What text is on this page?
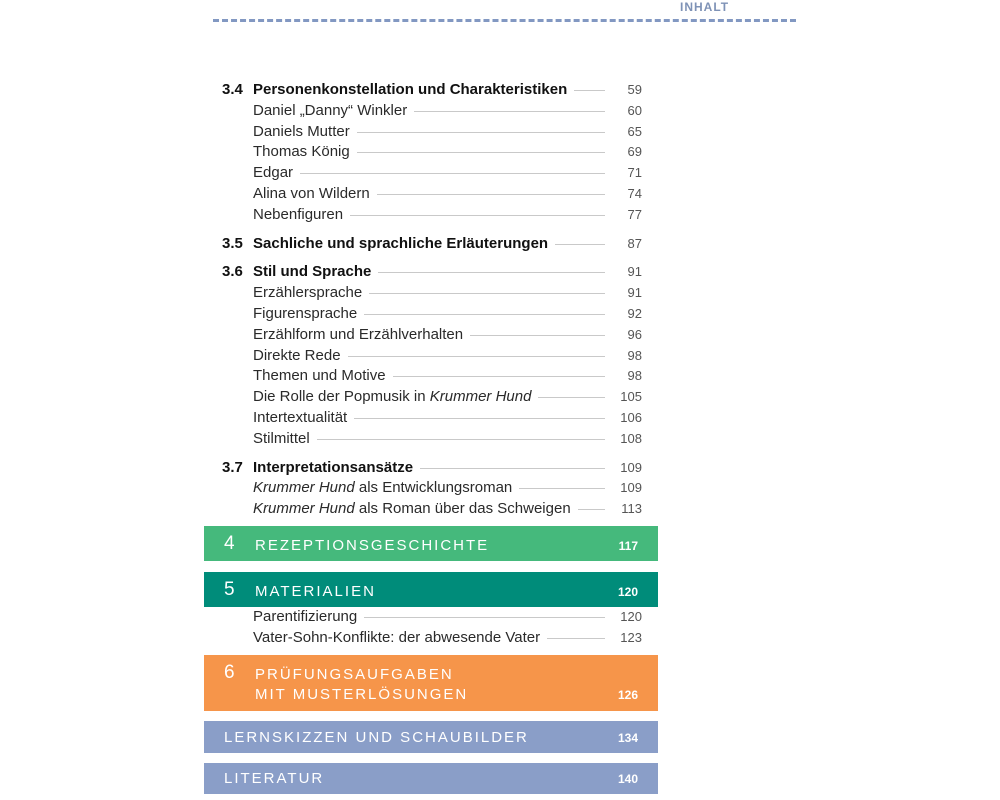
INHALT
3.4 Personenkonstellation und Charakteristiken	59
Daniel „Danny“ Winkler	60
Daniels Mutter	65
Thomas König	69
Edgar	71
Alina von Wildern	74
Nebenfiguren	77
3.5 Sachliche und sprachliche Erläuterungen	87
3.6 Stil und Sprache	91
Erzählersprache	91
Figurensprache	92
Erzählform und Erzählverhalten	96
Direkte Rede	98
Themen und Motive	98
Die Rolle der Popmusik in Krummer Hund	105
Intertextualität	106
Stilmittel	108
3.7 Interpretationsansätze	109
Krummer Hund als Entwicklungsroman	109
Krummer Hund als Roman über das Schweigen	113
4 REZEPTIONSGESCHICHTE	117
5 MATERIALIEN	120
Parentifizierung	120
Vater-Sohn-Konflikte: der abwesende Vater	123
6 PRÜFUNGSAUFGABEN
MIT MUSTERLÖSUNGEN	126
LERNSKIZZEN UND SCHAUBILDER	134
LITERATUR	140
